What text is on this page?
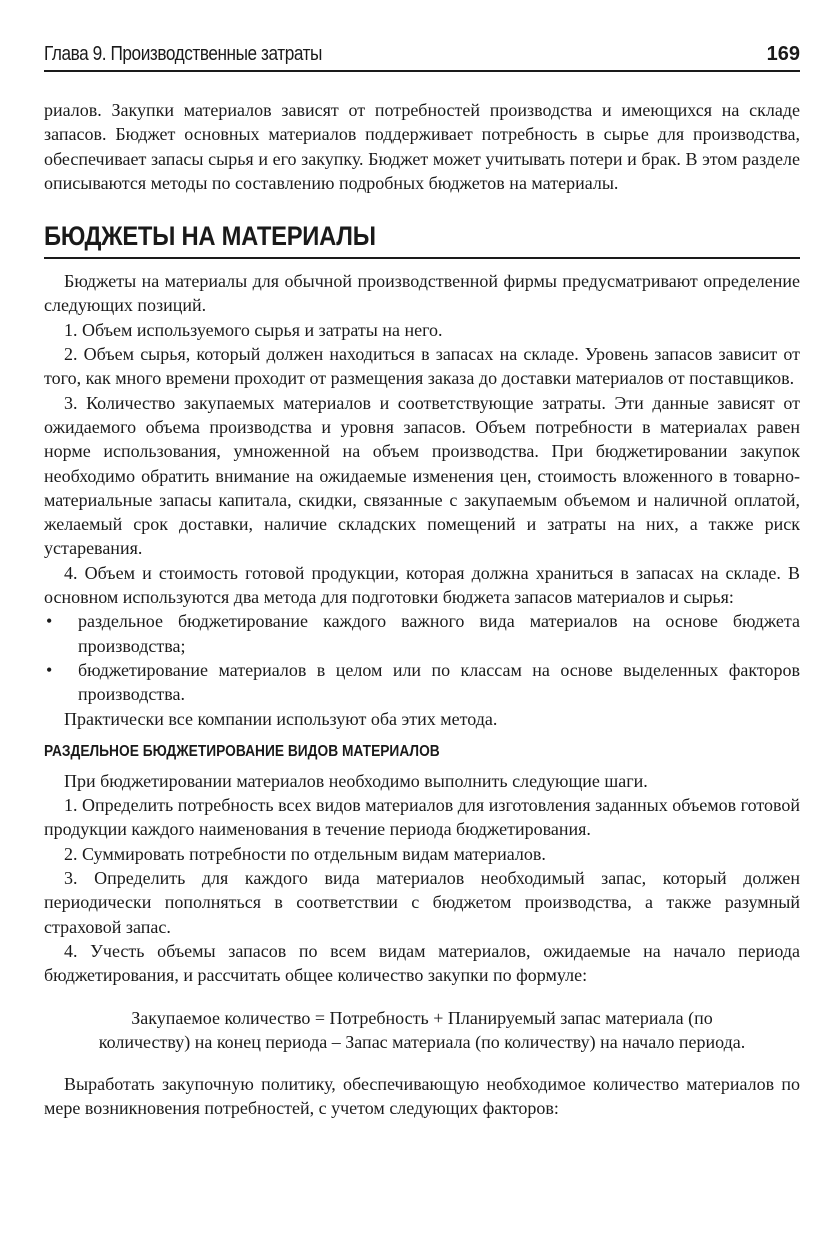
Глава 9. Производственные затраты	169

риалов. Закупки материалов зависят от потребностей производства и имеющихся на складе запасов. Бюджет основных материалов поддерживает потребность в сырье для производства, обеспечивает запасы сырья и его закупку. Бюджет может учитывать потери и брак. В этом разделе описываются методы по составлению подробных бюджетов на материалы.

БЮДЖЕТЫ НА МАТЕРИАЛЫ

Бюджеты на материалы для обычной производственной фирмы предусматривают определение следующих позиций.

1. Объем используемого сырья и затраты на него.

2. Объем сырья, который должен находиться в запасах на складе. Уровень запасов зависит от того, как много времени проходит от размещения заказа до доставки материалов от поставщиков.

3. Количество закупаемых материалов и соответствующие затраты. Эти данные зависят от ожидаемого объема производства и уровня запасов. Объем потребности в материалах равен норме использования, умноженной на объем производства. При бюджетировании закупок необходимо обратить внимание на ожидаемые изменения цен, стоимость вложенного в товарно-материальные запасы капитала, скидки, связанные с закупаемым объемом и наличной оплатой, желаемый срок доставки, наличие складских помещений и затраты на них, а также риск устаревания.

4. Объем и стоимость готовой продукции, которая должна храниться в запасах на складе. В основном используются два метода для подготовки бюджета запасов материалов и сырья:

• раздельное бюджетирование каждого важного вида материалов на основе бюджета производства;
• бюджетирование материалов в целом или по классам на основе выделенных факторов производства.

Практически все компании используют оба этих метода.

РАЗДЕЛЬНОЕ БЮДЖЕТИРОВАНИЕ ВИДОВ МАТЕРИАЛОВ

При бюджетировании материалов необходимо выполнить следующие шаги.

1. Определить потребность всех видов материалов для изготовления заданных объемов готовой продукции каждого наименования в течение периода бюджетирования.

2. Суммировать потребности по отдельным видам материалов.

3. Определить для каждого вида материалов необходимый запас, который должен периодически пополняться в соответствии с бюджетом производства, а также разумный страховой запас.

4. Учесть объемы запасов по всем видам материалов, ожидаемые на начало периода бюджетирования, и рассчитать общее количество закупки по формуле:

Закупаемое количество = Потребность + Планируемый запас материала (по
количеству) на конец периода – Запас материала (по количеству) на начало периода.

Выработать закупочную политику, обеспечивающую необходимое количество материалов по мере возникновения потребностей, с учетом следующих факторов:
